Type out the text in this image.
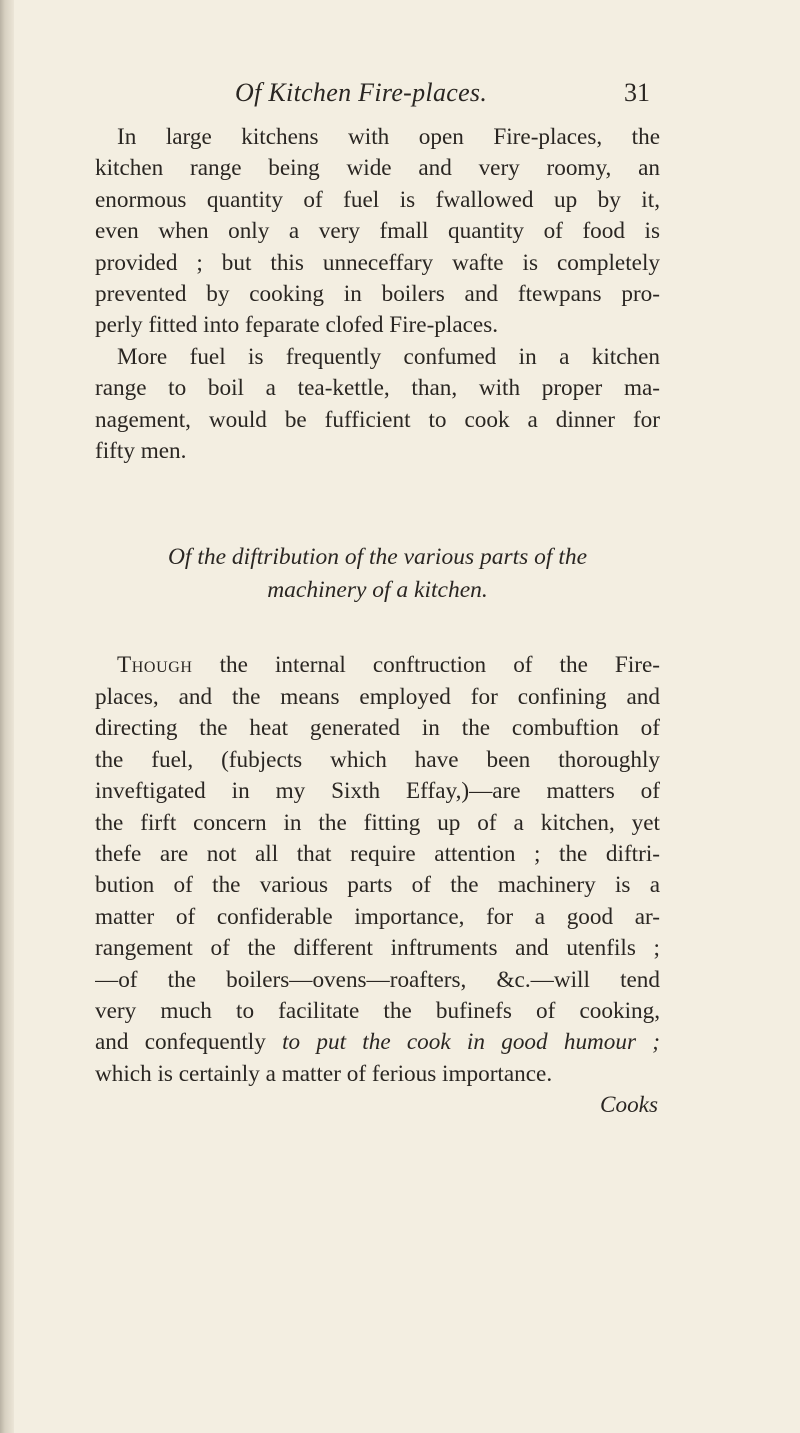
Of Kitchen Fire-places.	31
In large kitchens with open Fire-places, the
kitchen range being wide and very roomy, an
enormous quantity of fuel is fwallowed up by it,
even when only a very fmall quantity of food is
provided ; but this unneceffary wafte is completely
prevented by cooking in boilers and ftewpans pro-
perly fitted into feparate clofed Fire-places.
More fuel is frequently confumed in a kitchen
range to boil a tea-kettle, than, with proper ma-
nagement, would be fufficient to cook a dinner for
fifty men.
Of the diftribution of the various parts of the
machinery of a kitchen.
Though the internal conftruction of the Fire-
places, and the means employed for confining and
directing the heat generated in the combuftion of
the fuel, (fubjects which have been thoroughly
inveftigated in my Sixth Effay,)—are matters of
the firft concern in the fitting up of a kitchen, yet
thefe are not all that require attention ; the diftri-
bution of the various parts of the machinery is a
matter of confiderable importance, for a good ar-
rangement of the different inftruments and utenfils ;
—of the boilers—ovens—roafters, &c.—will tend
very much to facilitate the bufinefs of cooking,
and confequently to put the cook in good humour ;
which is certainly a matter of ferious importance.
Cooks
